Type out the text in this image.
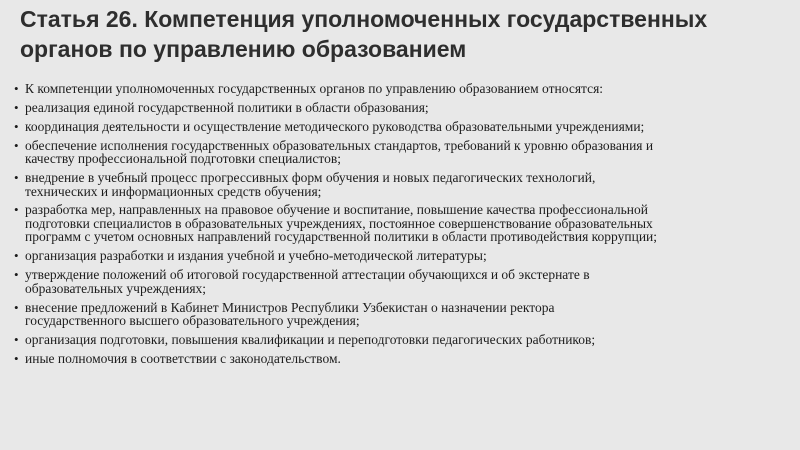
Статья 26. Компетенция уполномоченных государственных
органов по управлению образованием
• К компетенции уполномоченных государственных органов по управлению образованием относятся:
• реализация единой государственной политики в области образования;
• координация деятельности и осуществление методического руководства образовательными учреждениями;
• обеспечение исполнения государственных образовательных стандартов, требований к уровню образования и
качеству профессиональной подготовки специалистов;
• внедрение в учебный процесс прогрессивных форм обучения и новых педагогических технологий,
технических и информационных средств обучения;
• разработка мер, направленных на правовое обучение и воспитание, повышение качества профессиональной
подготовки специалистов в образовательных учреждениях, постоянное совершенствование образовательных
программ с учетом основных направлений государственной политики в области противодействия коррупции;
• организация разработки и издания учебной и учебно-методической литературы;
• утверждение положений об итоговой государственной аттестации обучающихся и об экстернате в
образовательных учреждениях;
• внесение предложений в Кабинет Министров Республики Узбекистан о назначении ректора
государственного высшего образовательного учреждения;
• организация подготовки, повышения квалификации и переподготовки педагогических работников;
• иные полномочия в соответствии с законодательством.
